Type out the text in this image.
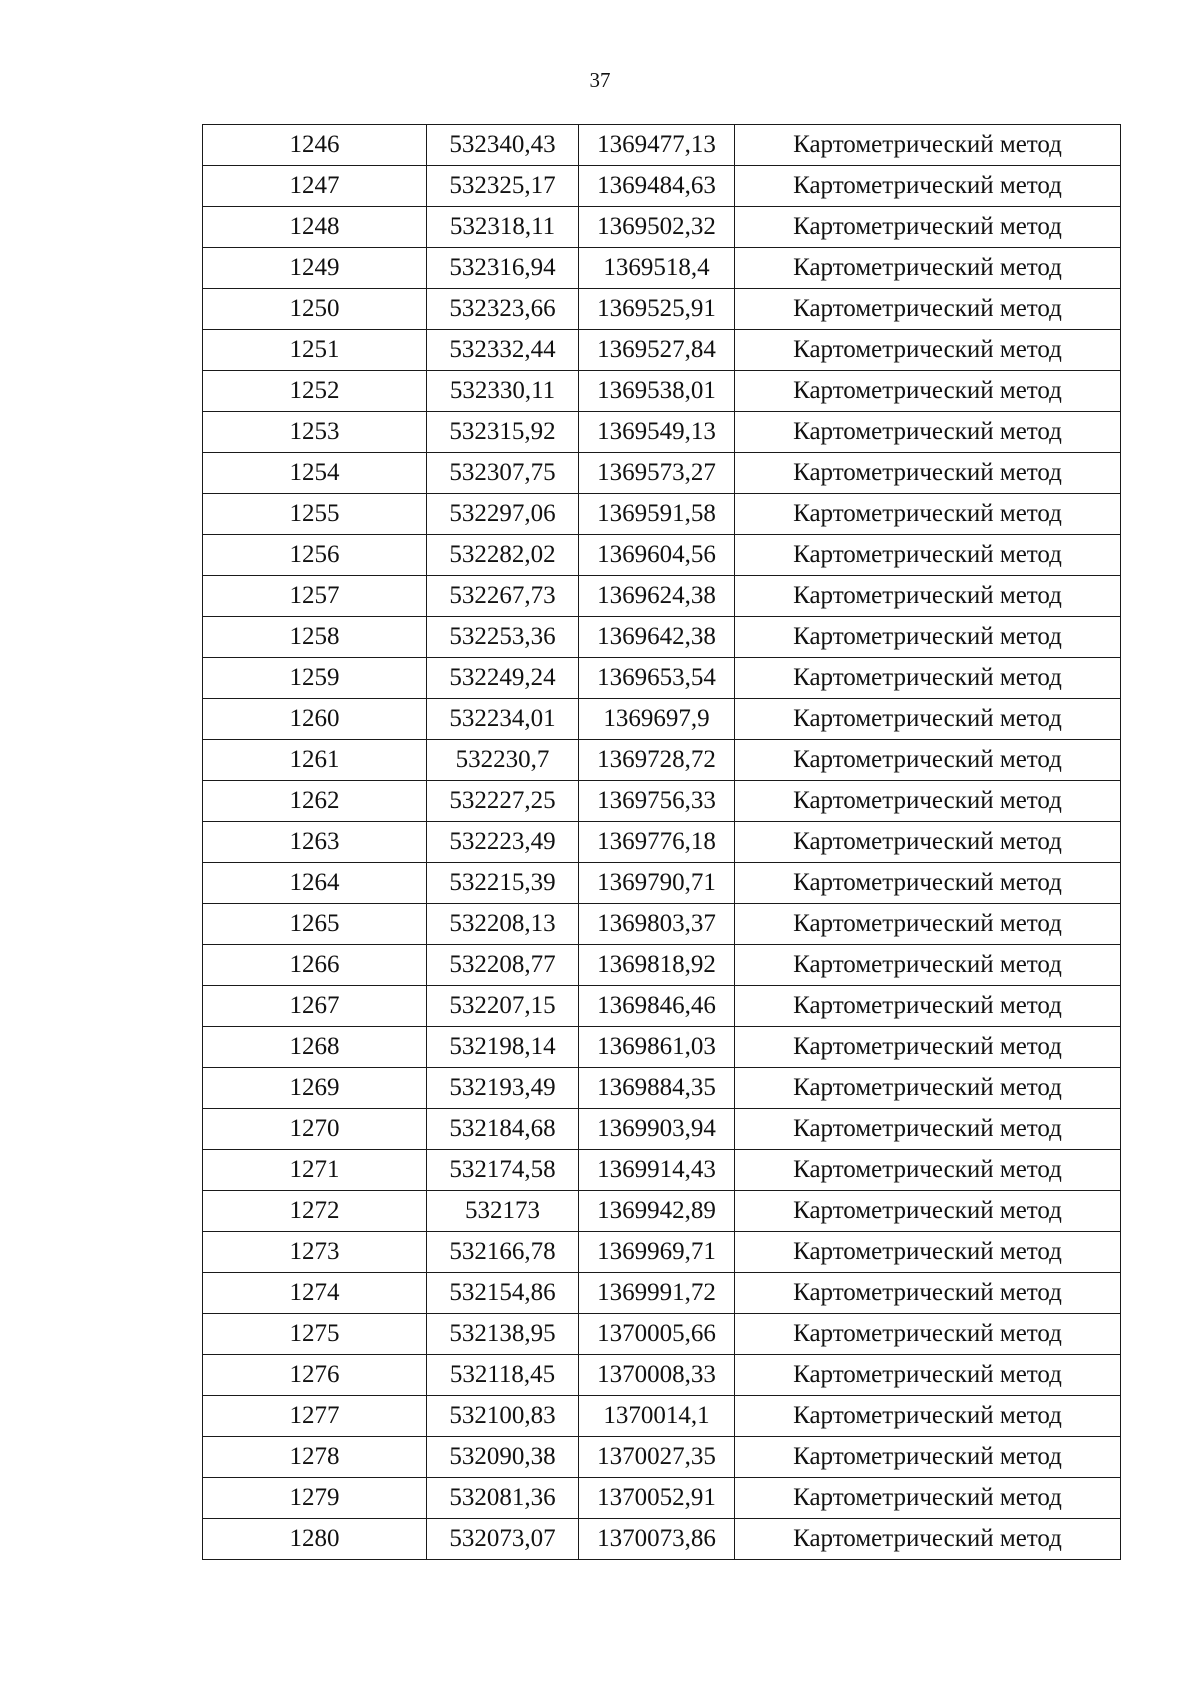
37
1246	532340,43	1369477,13	Картометрический метод
1247	532325,17	1369484,63	Картометрический метод
1248	532318,11	1369502,32	Картометрический метод
1249	532316,94	1369518,4	Картометрический метод
1250	532323,66	1369525,91	Картометрический метод
1251	532332,44	1369527,84	Картометрический метод
1252	532330,11	1369538,01	Картометрический метод
1253	532315,92	1369549,13	Картометрический метод
1254	532307,75	1369573,27	Картометрический метод
1255	532297,06	1369591,58	Картометрический метод
1256	532282,02	1369604,56	Картометрический метод
1257	532267,73	1369624,38	Картометрический метод
1258	532253,36	1369642,38	Картометрический метод
1259	532249,24	1369653,54	Картометрический метод
1260	532234,01	1369697,9	Картометрический метод
1261	532230,7	1369728,72	Картометрический метод
1262	532227,25	1369756,33	Картометрический метод
1263	532223,49	1369776,18	Картометрический метод
1264	532215,39	1369790,71	Картометрический метод
1265	532208,13	1369803,37	Картометрический метод
1266	532208,77	1369818,92	Картометрический метод
1267	532207,15	1369846,46	Картометрический метод
1268	532198,14	1369861,03	Картометрический метод
1269	532193,49	1369884,35	Картометрический метод
1270	532184,68	1369903,94	Картометрический метод
1271	532174,58	1369914,43	Картометрический метод
1272	532173	1369942,89	Картометрический метод
1273	532166,78	1369969,71	Картометрический метод
1274	532154,86	1369991,72	Картометрический метод
1275	532138,95	1370005,66	Картометрический метод
1276	532118,45	1370008,33	Картометрический метод
1277	532100,83	1370014,1	Картометрический метод
1278	532090,38	1370027,35	Картометрический метод
1279	532081,36	1370052,91	Картометрический метод
1280	532073,07	1370073,86	Картометрический метод
